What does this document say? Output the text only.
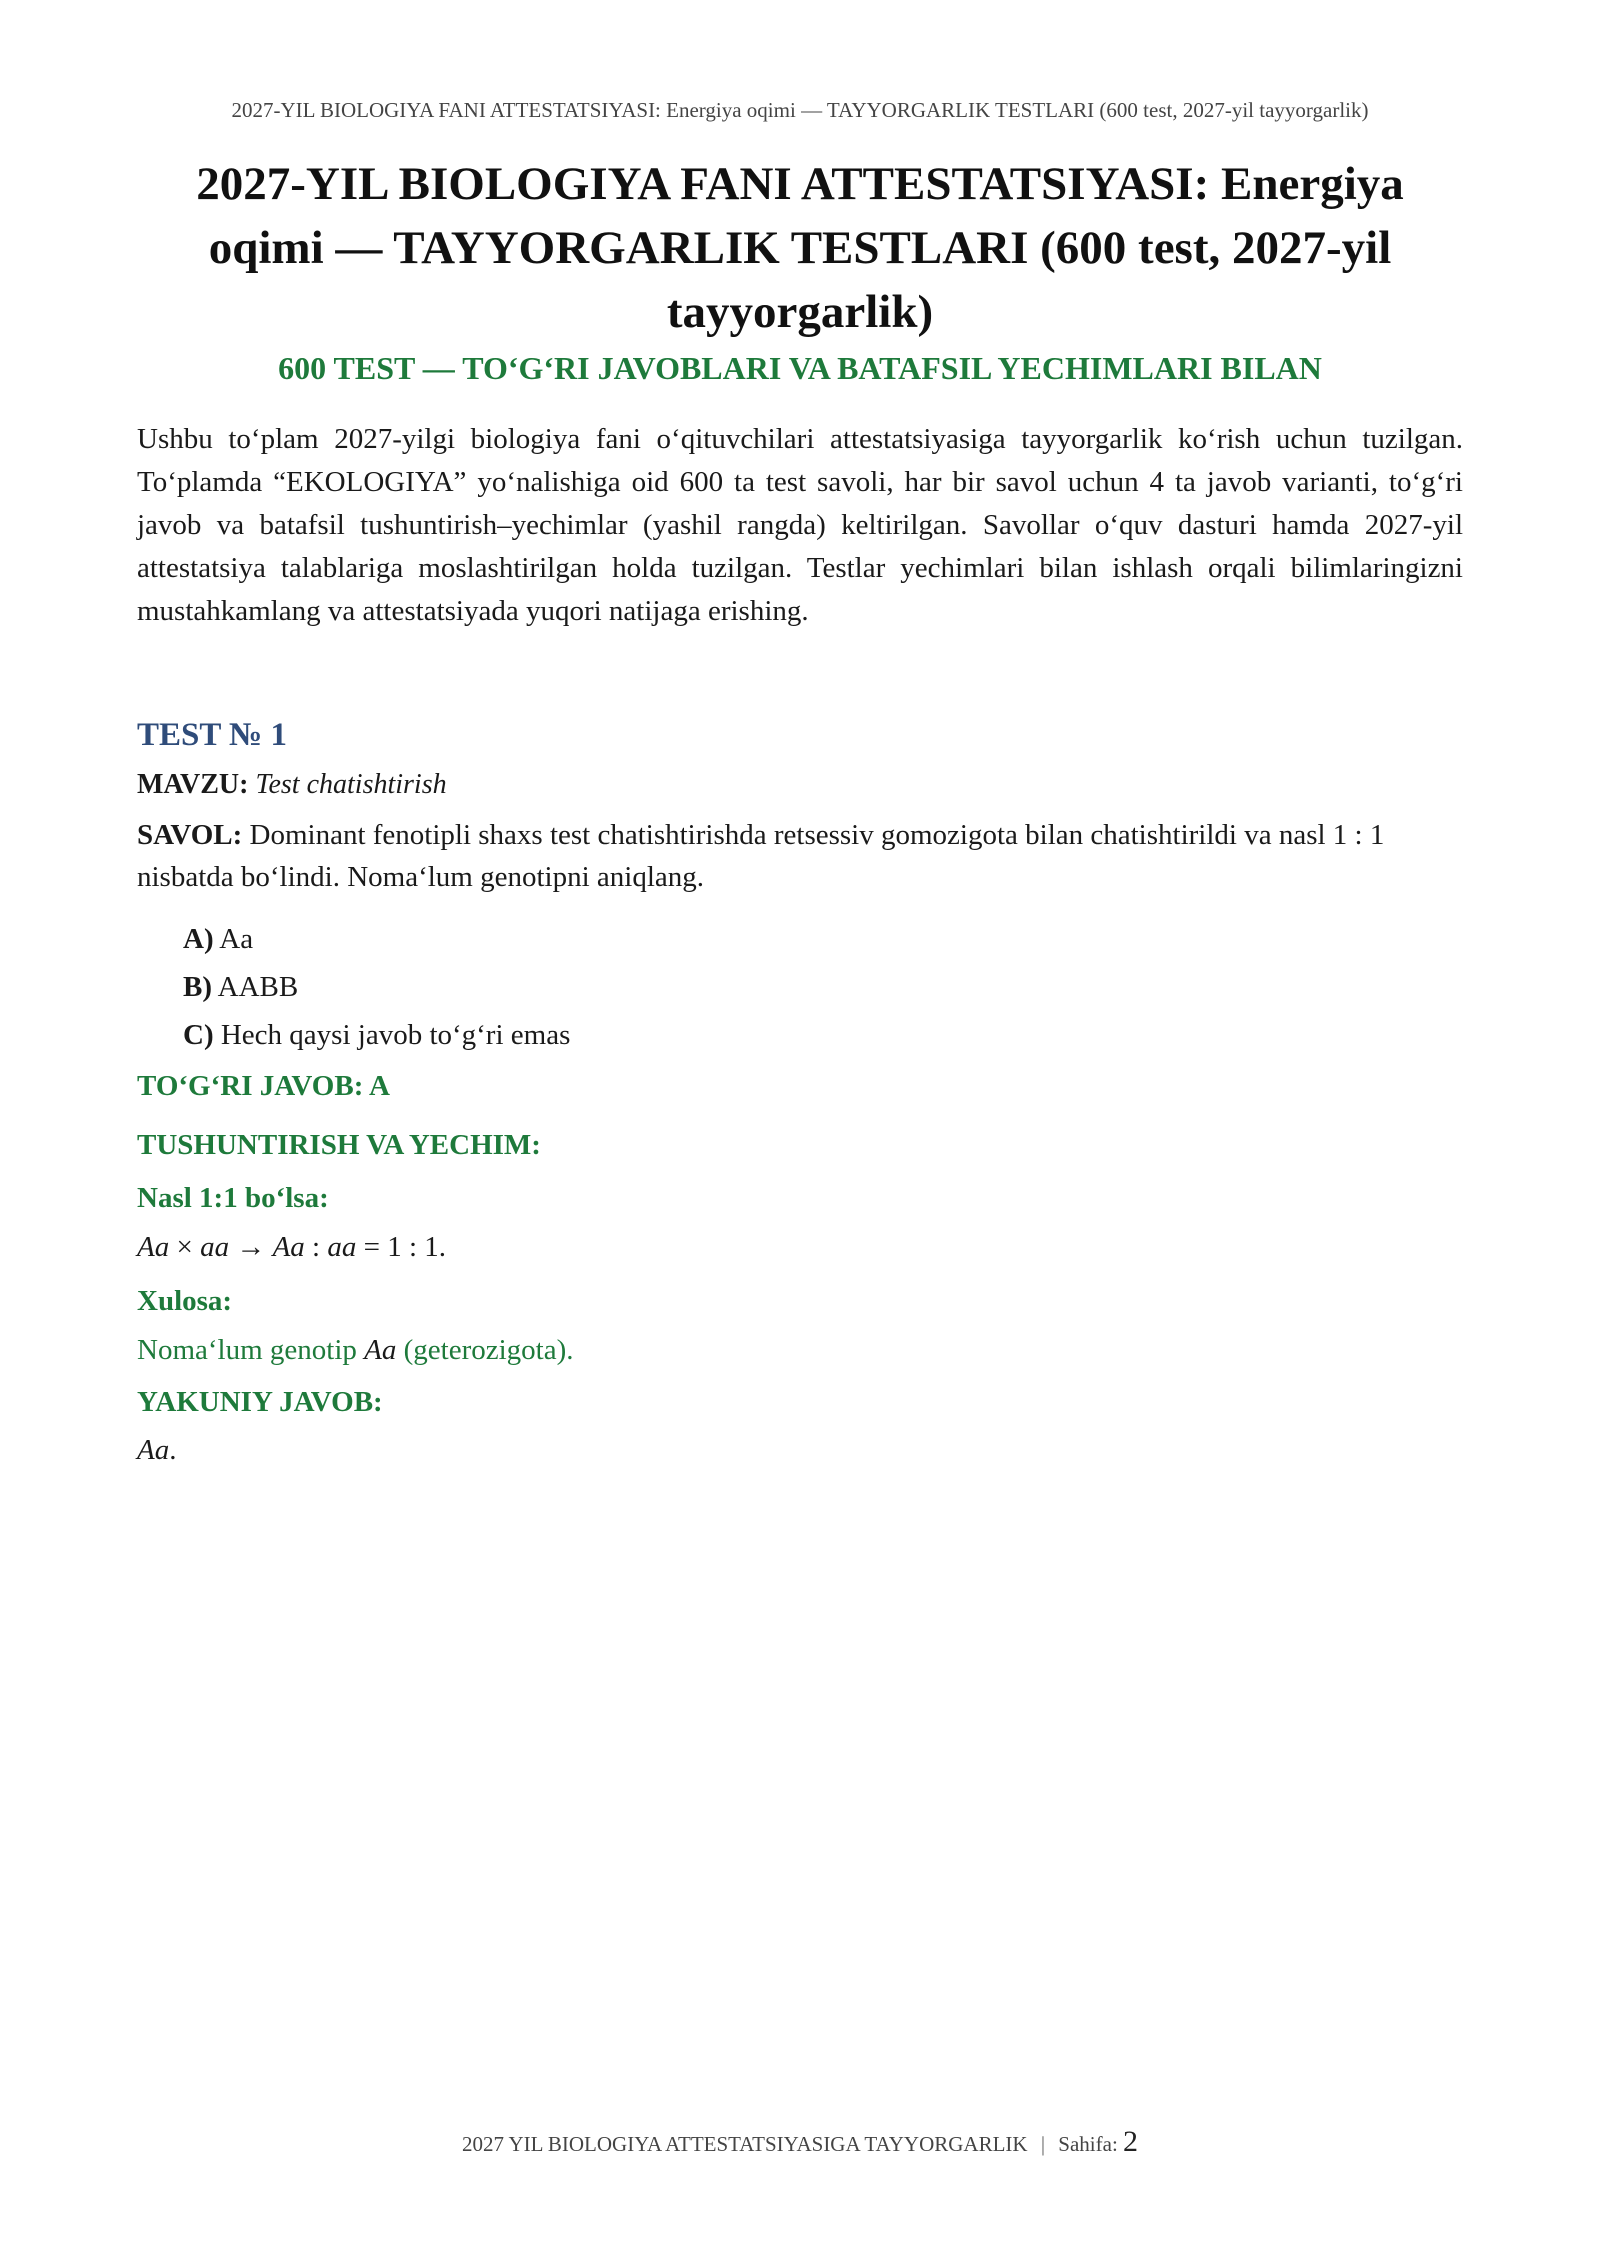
2027-YIL BIOLOGIYA FANI ATTESTATSIYASI: Energiya oqimi — TAYYORGARLIK TESTLARI (600 test, 2027-yil tayyorgarlik)
2027-YIL BIOLOGIYA FANI ATTESTATSIYASI: Energiya oqimi — TAYYORGARLIK TESTLARI (600 test, 2027-yil tayyorgarlik)
600 TEST — TO‘G‘RI JAVOBLARI VA BATAFSIL YECHIMLARI BILAN

Ushbu to‘plam 2027-yilgi biologiya fani o‘qituvchilari attestatsiyasiga tayyorgarlik ko‘rish uchun tuzilgan. To‘plamda “EKOLOGIYA” yo‘nalishiga oid 600 ta test savoli, har bir savol uchun 4 ta javob varianti, to‘g‘ri javob va batafsil tushuntirish–yechimlar (yashil rangda) keltirilgan. Savollar o‘quv dasturi hamda 2027-yil attestatsiya talablariga moslashtirilgan holda tuzilgan. Testlar yechimlari bilan ishlash orqali bilimlaringizni mustahkamlang va attestatsiyada yuqori natijaga erishing.

TEST № 1
MAVZU: Test chatishtirish

SAVOL: Dominant fenotipli shaxs test chatishtirishda retsessiv gomozigota bilan chatishtirildi va nasl 1 : 1 nisbatda bo‘lindi. Noma‘lum genotipni aniqlang.

A) Aa
B) AABB
C) Hech qaysi javob to‘g‘ri emas
TO‘G‘RI JAVOB: A
TUSHUNTIRISH VA YECHIM:
Nasl 1:1 bo‘lsa:
Aa × aa → Aa : aa = 1 : 1.
Xulosa:
Noma‘lum genotip Aa (geterozigota).
YAKUNIY JAVOB:
Aa.
2027 YIL BIOLOGIYA ATTESTATSIYASIGA TAYYORGARLIK | Sahifa: 2
